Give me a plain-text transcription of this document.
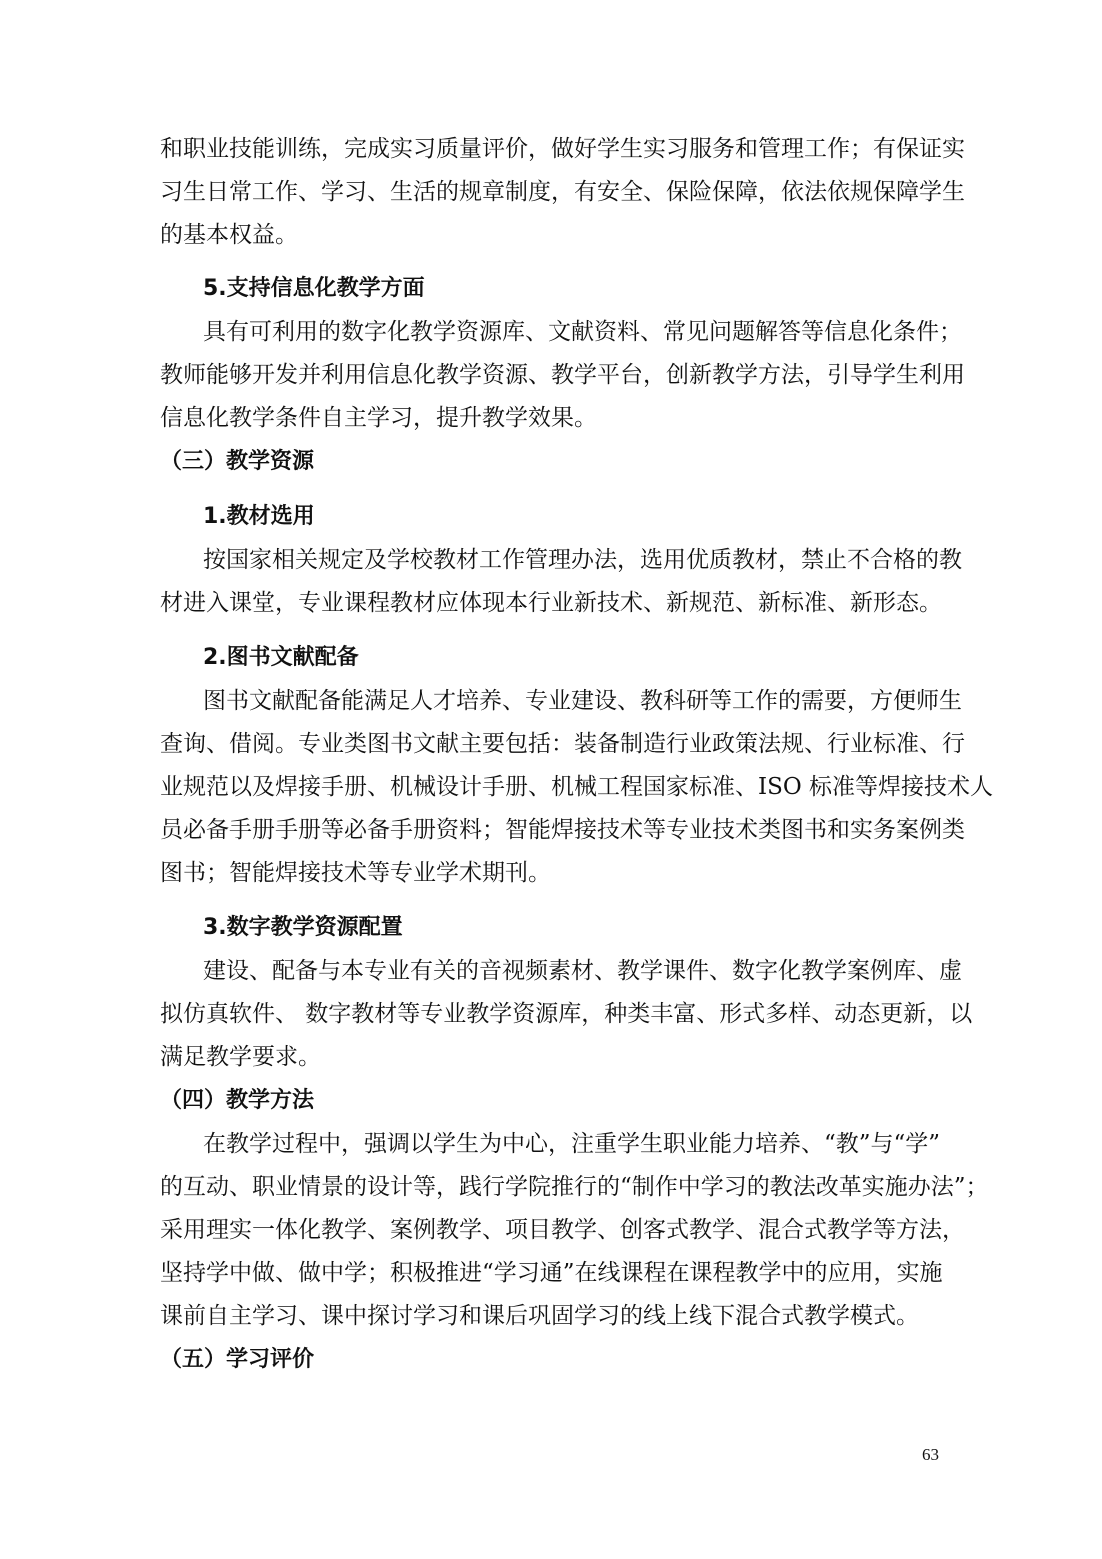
和职业技能训练，完成实习质量评价，做好学生实习服务和管理工作；有保证实
习生日常工作、学习、生活的规章制度，有安全、保险保障，依法依规保障学生
的基本权益。
5.支持信息化教学方面
具有可利用的数字化教学资源库、文献资料、常见问题解答等信息化条件；
教师能够开发并利用信息化教学资源、教学平台，创新教学方法，引导学生利用
信息化教学条件自主学习，提升教学效果。
（三）教学资源
1.教材选用
按国家相关规定及学校教材工作管理办法，选用优质教材，禁止不合格的教
材进入课堂，专业课程教材应体现本行业新技术、新规范、新标准、新形态。
2.图书文献配备
图书文献配备能满足人才培养、专业建设、教科研等工作的需要，方便师生
查询、借阅。专业类图书文献主要包括：装备制造行业政策法规、行业标准、行
业规范以及焊接手册、机械设计手册、机械工程国家标准、ISO 标准等焊接技术人
员必备手册手册等必备手册资料；智能焊接技术等专业技术类图书和实务案例类
图书；智能焊接技术等专业学术期刊。
3.数字教学资源配置
建设、配备与本专业有关的音视频素材、教学课件、数字化教学案例库、虚
拟仿真软件、 数字教材等专业教学资源库，种类丰富、形式多样、动态更新，以
满足教学要求。
（四）教学方法
在教学过程中，强调以学生为中心，注重学生职业能力培养、“教”与“学”
的互动、职业情景的设计等，践行学院推行的“制作中学习的教法改革实施办法”；
采用理实一体化教学、案例教学、项目教学、创客式教学、混合式教学等方法，
坚持学中做、做中学；积极推进“学习通”在线课程在课程教学中的应用，实施
课前自主学习、课中探讨学习和课后巩固学习的线上线下混合式教学模式。
（五）学习评价
63
